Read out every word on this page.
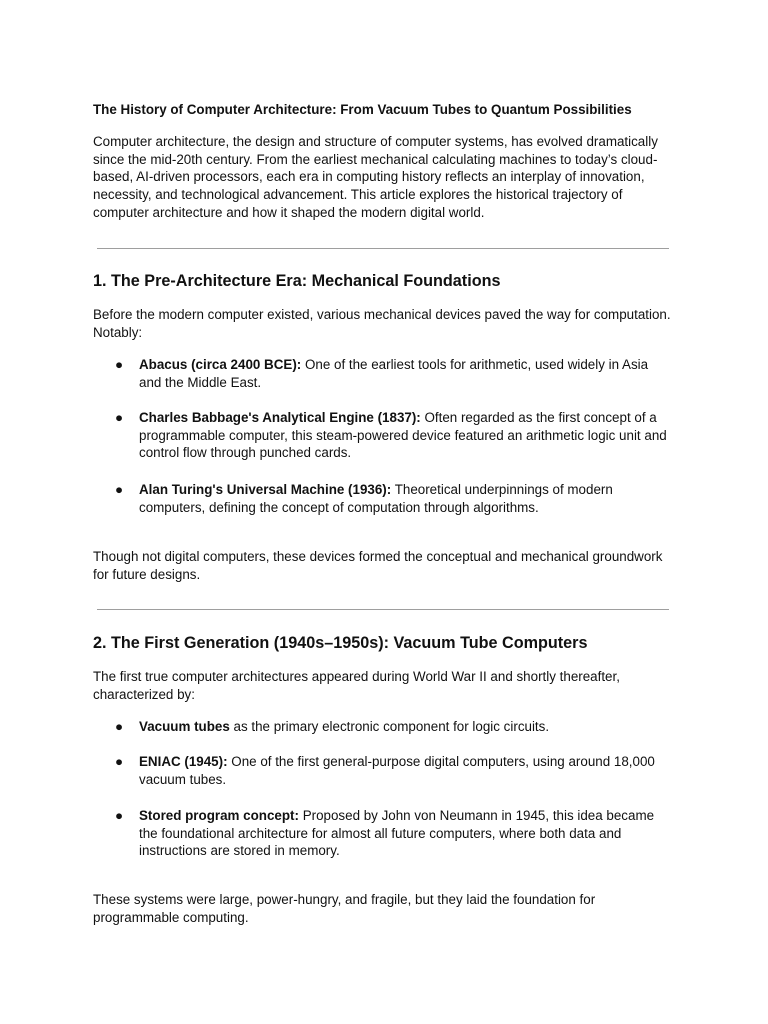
The History of Computer Architecture: From Vacuum Tubes to Quantum Possibilities

Computer architecture, the design and structure of computer systems, has evolved dramatically since the mid-20th century. From the earliest mechanical calculating machines to today’s cloud-based, AI-driven processors, each era in computing history reflects an interplay of innovation, necessity, and technological advancement. This article explores the historical trajectory of computer architecture and how it shaped the modern digital world.

1. The Pre-Architecture Era: Mechanical Foundations

Before the modern computer existed, various mechanical devices paved the way for computation. Notably:

● Abacus (circa 2400 BCE): One of the earliest tools for arithmetic, used widely in Asia and the Middle East.
● Charles Babbage's Analytical Engine (1837): Often regarded as the first concept of a programmable computer, this steam-powered device featured an arithmetic logic unit and control flow through punched cards.
● Alan Turing's Universal Machine (1936): Theoretical underpinnings of modern computers, defining the concept of computation through algorithms.

Though not digital computers, these devices formed the conceptual and mechanical groundwork for future designs.

2. The First Generation (1940s–1950s): Vacuum Tube Computers

The first true computer architectures appeared during World War II and shortly thereafter, characterized by:

● Vacuum tubes as the primary electronic component for logic circuits.
● ENIAC (1945): One of the first general-purpose digital computers, using around 18,000 vacuum tubes.
● Stored program concept: Proposed by John von Neumann in 1945, this idea became the foundational architecture for almost all future computers, where both data and instructions are stored in memory.

These systems were large, power-hungry, and fragile, but they laid the foundation for programmable computing.
